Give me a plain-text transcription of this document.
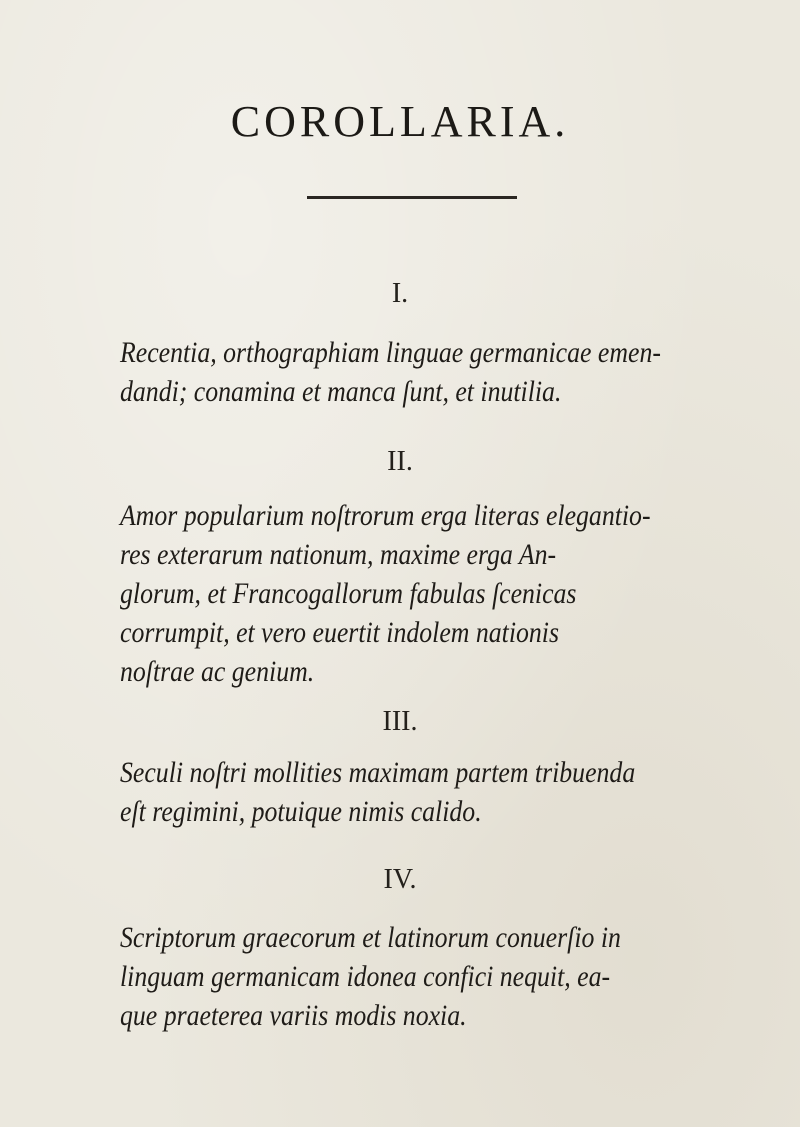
COROLLARIA.
I.
Recentia, orthographiam linguae germanicae emen-
dandi; conamina et manca ſunt, et inutilia.
II.
Amor popularium noſtrorum erga literas elegantio-
res exterarum nationum, maxime erga An-
glorum, et Francogallorum fabulas ſcenicas
corrumpit, et vero euertit indolem nationis
noſtrae ac genium.
III.
Seculi noſtri mollities maximam partem tribuenda
eſt regimini, potuique nimis calido.
IV.
Scriptorum graecorum et latinorum conuerſio in
linguam germanicam idonea confici nequit, ea-
que praeterea variis modis noxia.
